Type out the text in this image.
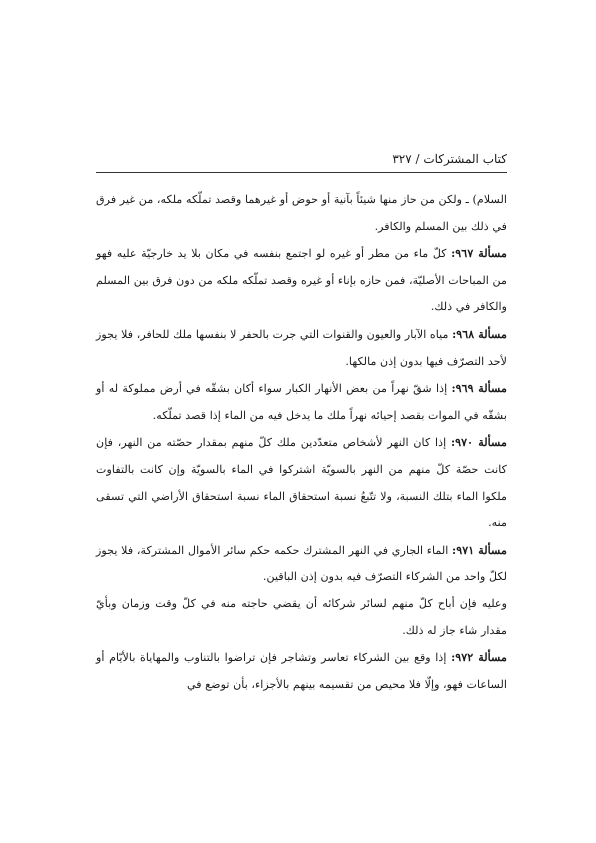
كتاب المشتركات / ٣٢٧

السلام) ـ ولكن من حاز منها شيئاً بآنية أو حوض أو غيرهما وقصد تملّكه ملكه، من غير فرق في ذلك بين المسلم والكافر.

مسألة ٩٦٧: كلّ ماء من مطر أو غيره لو اجتمع بنفسه في مكان بلا يد خارجيّة عليه فهو من المباحات الأصليّة، فمن حازه بإناء أو غيره وقصد تملّكه ملكه من دون فرق بين المسلم والكافر في ذلك.

مسألة ٩٦٨: مياه الآبار والعيون والقنوات التي جرت بالحفر لا بنفسها ملك للحافر، فلا يجوز لأحد التصرّف فيها بدون إذن مالكها.

مسألة ٩٦٩: إذا شقّ نهراً من بعض الأنهار الكبار سواء أكان بشقّه في أرض مملوكة له أو بشقّه في الموات بقصد إحيائه نهراً ملك ما يدخل فيه من الماء إذا قصد تملّكه.

مسألة ٩٧٠: إذا كان النهر لأشخاص متعدّدين ملك كلّ منهم بمقدار حصّته من النهر، فإن كانت حصّة كلّ منهم من النهر بالسويّة اشتركوا في الماء بالسويّة وإن كانت بالتفاوت ملكوا الماء بتلك النسبة، ولا تتّبعُ نسبة استحقاق الماء نسبة استحقاق الأراضي التي تسقى منه.

مسألة ٩٧١: الماء الجاري في النهر المشترك حكمه حكم سائر الأموال المشتركة، فلا يجوز لكلّ واحد من الشركاء التصرّف فيه بدون إذن الباقين.

وعليه فإن أباح كلّ منهم لسائر شركائه أن يقضي حاجته منه في كلّ وقت وزمان وبأيّ مقدار شاء جاز له ذلك.

مسألة ٩٧٢: إذا وقع بين الشركاء تعاسر وتشاجر فإن تراضوا بالتناوب والمهاياة بالأيّام أو الساعات فهو، وإلّا فلا محيص من تقسيمه بينهم بالأجزاء، بأن توضع في
